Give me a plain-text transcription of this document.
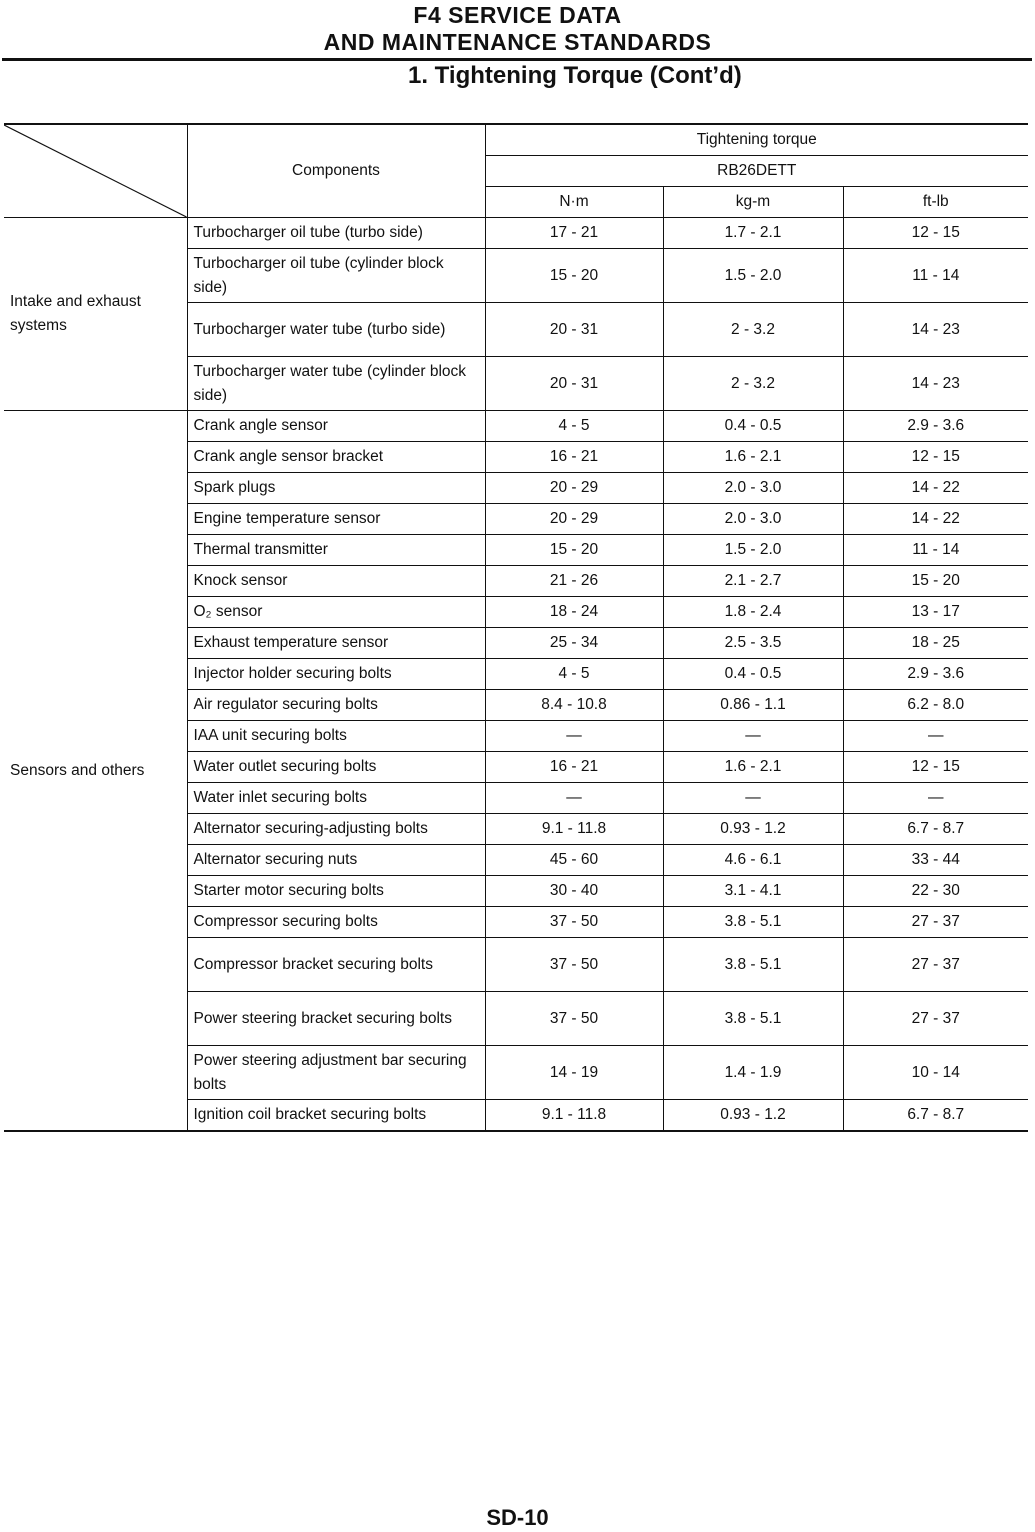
F4 SERVICE DATA
AND MAINTENANCE STANDARDS
1. Tightening Torque (Cont’d)
	Components	Tightening torque		
		RB26DETT		
		N·m	kg-m	ft-lb
Intake and exhaust systems	Turbocharger oil tube (turbo side)	17 - 21	1.7 - 2.1	12 - 15
	Turbocharger oil tube (cylinder block side)	15 - 20	1.5 - 2.0	11 - 14
	Turbocharger water tube (turbo side)	20 - 31	2 - 3.2	14 - 23
	Turbocharger water tube (cylinder block side)	20 - 31	2 - 3.2	14 - 23
Sensors and others	Crank angle sensor	4 - 5	0.4 - 0.5	2.9 - 3.6
	Crank angle sensor bracket	16 - 21	1.6 - 2.1	12 - 15
	Spark plugs	20 - 29	2.0 - 3.0	14 - 22
	Engine temperature sensor	20 - 29	2.0 - 3.0	14 - 22
	Thermal transmitter	15 - 20	1.5 - 2.0	11 - 14
	Knock sensor	21 - 26	2.1 - 2.7	15 - 20
	O₂ sensor	18 - 24	1.8 - 2.4	13 - 17
	Exhaust temperature sensor	25 - 34	2.5 - 3.5	18 - 25
	Injector holder securing bolts	4 - 5	0.4 - 0.5	2.9 - 3.6
	Air regulator securing bolts	8.4 - 10.8	0.86 - 1.1	6.2 - 8.0
	IAA unit securing bolts	—	—	—
	Water outlet securing bolts	16 - 21	1.6 - 2.1	12 - 15
	Water inlet securing bolts	—	—	—
	Alternator securing-adjusting bolts	9.1 - 11.8	0.93 - 1.2	6.7 - 8.7
	Alternator securing nuts	45 - 60	4.6 - 6.1	33 - 44
	Starter motor securing bolts	30 - 40	3.1 - 4.1	22 - 30
	Compressor securing bolts	37 - 50	3.8 - 5.1	27 - 37
	Compressor bracket securing bolts	37 - 50	3.8 - 5.1	27 - 37
	Power steering bracket securing bolts	37 - 50	3.8 - 5.1	27 - 37
	Power steering adjustment bar securing bolts	14 - 19	1.4 - 1.9	10 - 14
	Ignition coil bracket securing bolts	9.1 - 11.8	0.93 - 1.2	6.7 - 8.7
SD-10
